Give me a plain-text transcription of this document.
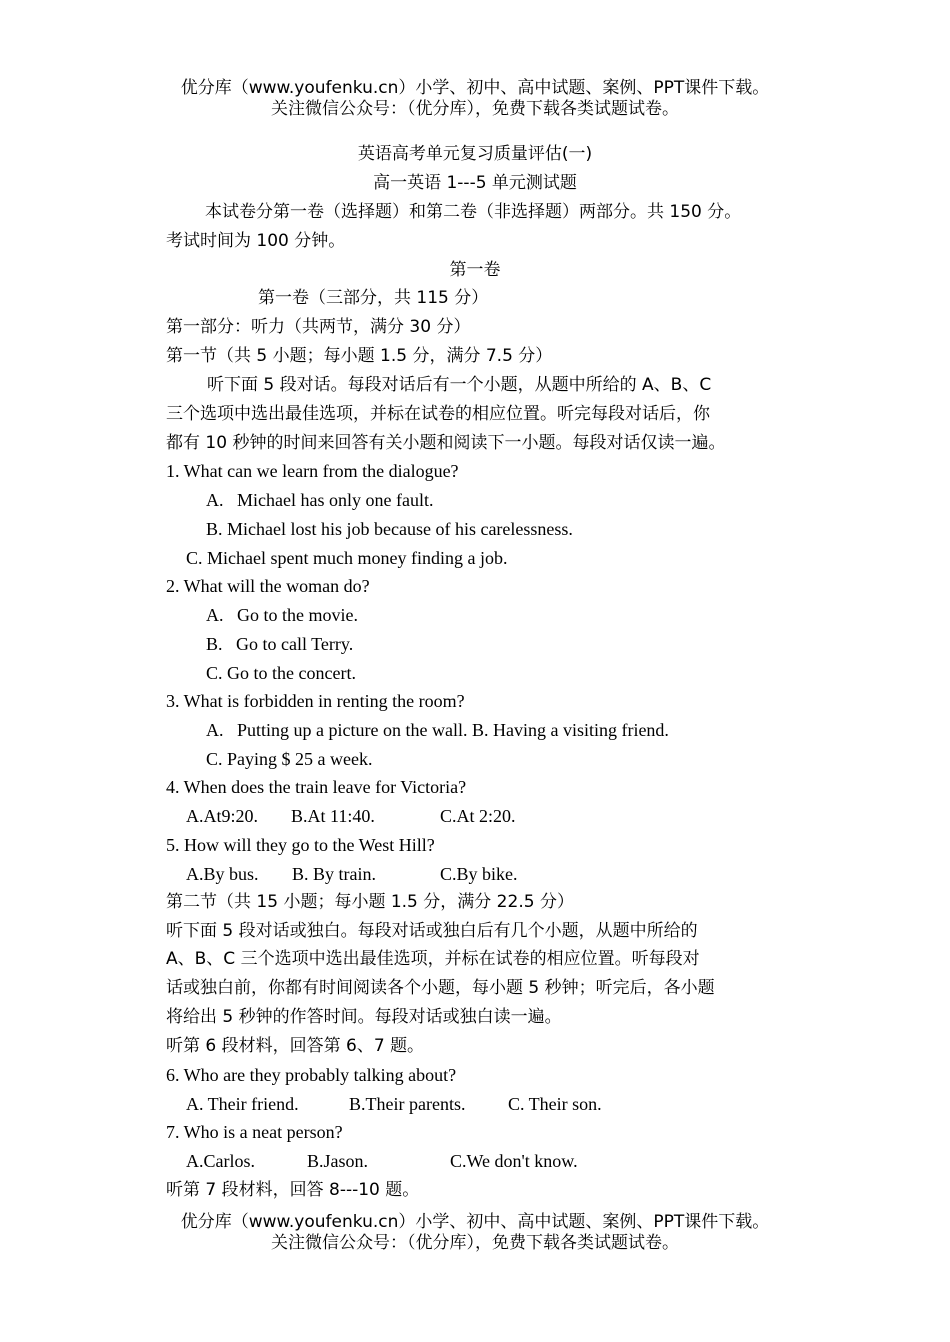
优分库（www.youfenku.cn）小学、初中、高中试题、案例、PPT课件下载。
关注微信公众号：（优分库），免费下载各类试题试卷。
英语高考单元复习质量评估(一)
高一英语 1---5 单元测试题
本试卷分第一卷（选择题）和第二卷（非选择题）两部分。共 150 分。
考试时间为 100 分钟。
第一卷
第一卷（三部分，共 115 分）
第一部分：听力（共两节，满分 30 分）
第一节（共 5 小题；每小题 1.5 分，满分 7.5 分）
听下面 5 段对话。每段对话后有一个小题，从题中所给的 A、B、C
三个选项中选出最佳选项，并标在试卷的相应位置。听完每段对话后，你
都有 10 秒钟的时间来回答有关小题和阅读下一小题。每段对话仅读一遍。
1. What can we learn from the dialogue?
A.   Michael has only one fault.
B. Michael lost his job because of his carelessness.
C. Michael spent much money finding a job.
2. What will the woman do?
A.   Go to the movie.
B.   Go to call Terry.
C. Go to the concert.
3. What is forbidden in renting the room?
A.   Putting up a picture on the wall. B. Having a visiting friend.
C. Paying $ 25 a week.
4. When does the train leave for Victoria?

A.At9:20.

B.At 11:40.

	C.At 2:20.

5. How will they go to the West Hill?

A.By bus.

B. By train.

	C.By bike.

第二节（共 15 小题；每小题 1.5 分，满分 22.5 分）
听下面 5 段对话或独白。每段对话或独白后有几个小题，从题中所给的
A、B、C 三个选项中选出最佳选项，并标在试卷的相应位置。听每段对
话或独白前，你都有时间阅读各个小题，每小题 5 秒钟；听完后，各小题
将给出 5 秒钟的作答时间。每段对话或独白读一遍。
听第 6 段材料，回答第 6、7 题。
6. Who are they probably talking about?

A. Their friend.

	B.Their parents.

C. Their son.

7. Who is a neat person?

A.Carlos.

	B.Jason.

	C.We don't know.

听第 7 段材料，回答 8---10 题。
优分库（www.youfenku.cn）小学、初中、高中试题、案例、PPT课件下载。
关注微信公众号：（优分库），免费下载各类试题试卷。
